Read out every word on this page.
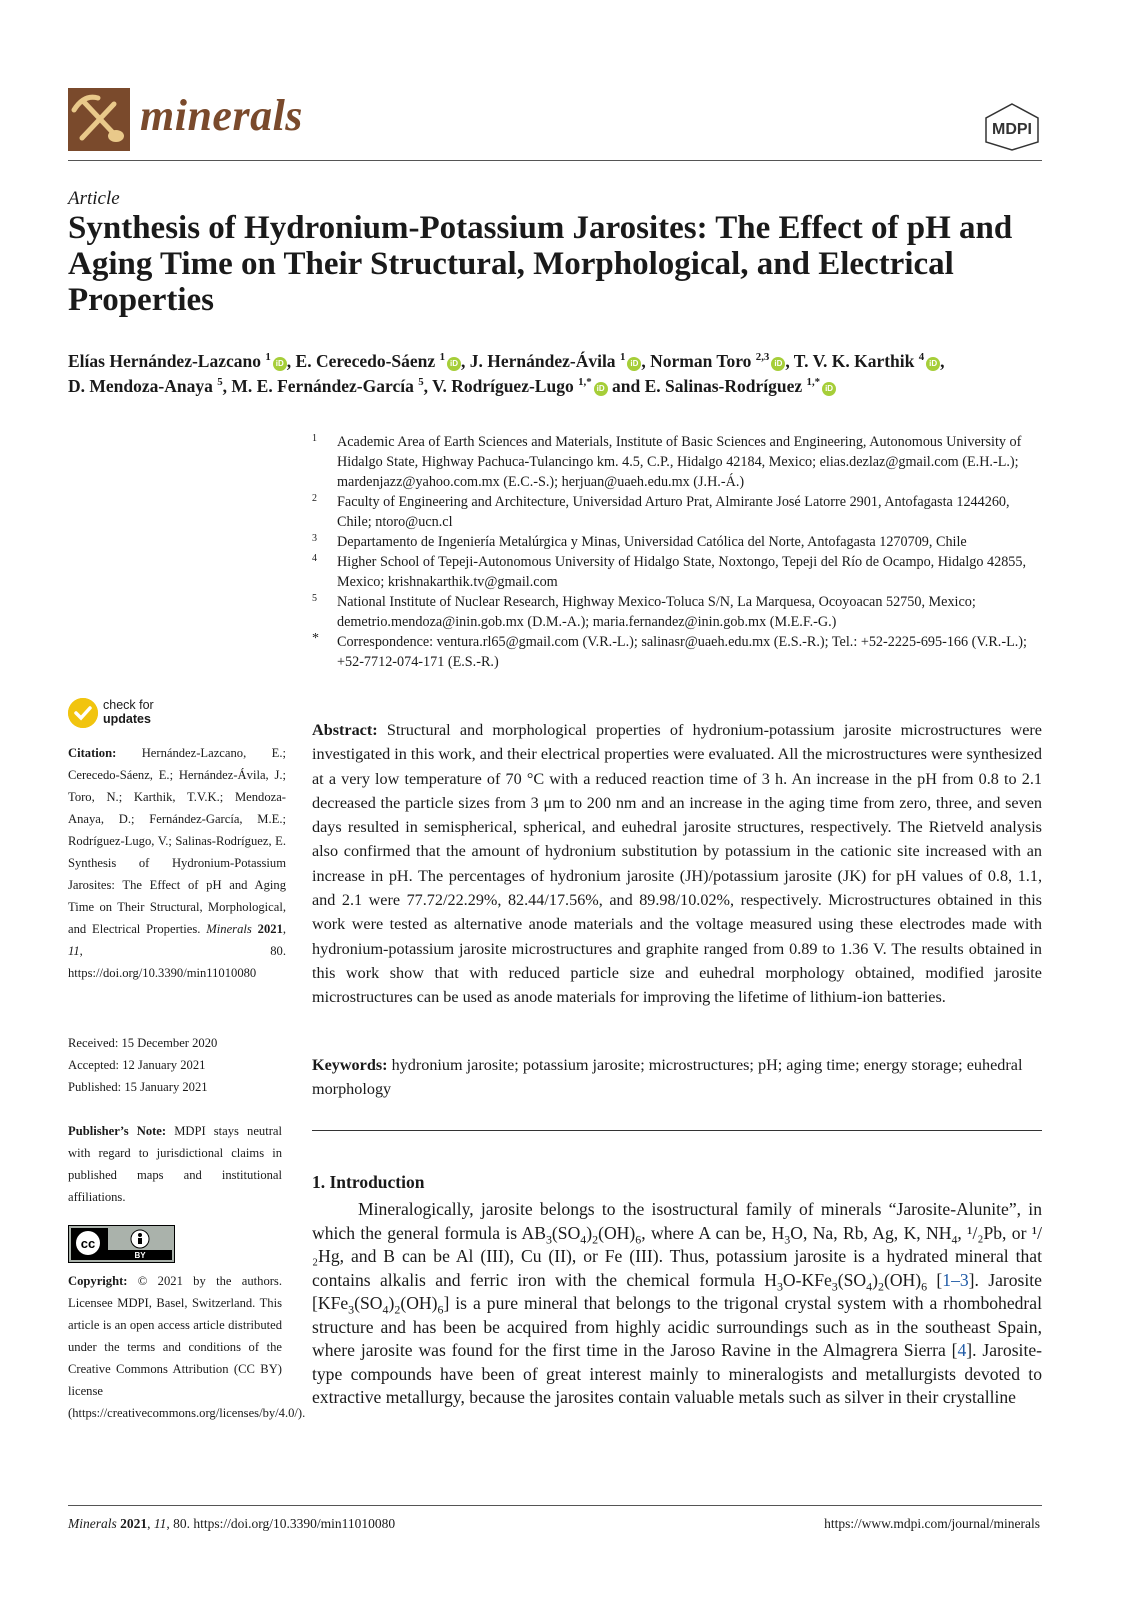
minerals	MDPI
Article
Synthesis of Hydronium-Potassium Jarosites: The Effect of pH and Aging Time on Their Structural, Morphological, and Electrical Properties
Elías Hernández-Lazcano $^1$iD , E. Cerecedo-Sáenz $^1$iD , J. Hernández-Ávila $^1$iD , Norman Toro $^{2,3}$iD , T. V. K. Karthik $^4$iD ,
D. Mendoza-Anaya $^5$, M. E. Fernández-García $^5$, V. Rodríguez-Lugo $^{1,*}$iD and E. Salinas-Rodríguez $^{1,*}$iD
1	Academic Area of Earth Sciences and Materials, Institute of Basic Sciences and Engineering, Autonomous University of Hidalgo State, Highway Pachuca-Tulancingo km. 4.5, C.P., Hidalgo 42184, Mexico; elias.dezlaz@gmail.com (E.H.-L.); mardenjazz@yahoo.com.mx (E.C.-S.); herjuan@uaeh.edu.mx (J.H.-Á.)
2	Faculty of Engineering and Architecture, Universidad Arturo Prat, Almirante José Latorre 2901, Antofagasta 1244260, Chile; ntoro@ucn.cl
3	Departamento de Ingeniería Metalúrgica y Minas, Universidad Católica del Norte, Antofagasta 1270709, Chile
4	Higher School of Tepeji-Autonomous University of Hidalgo State, Noxtongo, Tepeji del Río de Ocampo, Hidalgo 42855, Mexico; krishnakarthik.tv@gmail.com
5	National Institute of Nuclear Research, Highway Mexico-Toluca S/N, La Marquesa, Ocoyoacan 52750, Mexico; demetrio.mendoza@inin.gob.mx (D.M.-A.); maria.fernandez@inin.gob.mx (M.E.F.-G.)
*	Correspondence: ventura.rl65@gmail.com (V.R.-L.); salinasr@uaeh.edu.mx (E.S.-R.); Tel.: +52-2225-695-166 (V.R.-L.); +52-7712-074-171 (E.S.-R.)
check for
updates
Citation: Hernández-Lazcano, E.; Cerecedo-Sáenz, E.; Hernández-Ávila, J.; Toro, N.; Karthik, T.V.K.; Mendoza-Anaya, D.; Fernández-García, M.E.; Rodríguez-Lugo, V.; Salinas-Rodríguez, E. Synthesis of Hydronium-Potassium Jarosites: The Effect of pH and Aging Time on Their Structural, Morphological, and Electrical Properties. Minerals 2021, 11, 80. https://doi.org/10.3390/min11010080
Received: 15 December 2020
Accepted: 12 January 2021
Published: 15 January 2021
Publisher’s Note: MDPI stays neutral with regard to jurisdictional claims in published maps and institutional affiliations.
cc
BY
Copyright: © 2021 by the authors. Licensee MDPI, Basel, Switzerland. This article is an open access article distributed under the terms and conditions of the Creative Commons Attribution (CC BY) license (https://creativecommons.org/licenses/by/4.0/).
Abstract: Structural and morphological properties of hydronium-potassium jarosite microstructures were investigated in this work, and their electrical properties were evaluated. All the microstructures were synthesized at a very low temperature of 70 °C with a reduced reaction time of 3 h. An increase in the pH from 0.8 to 2.1 decreased the particle sizes from 3 μm to 200 nm and an increase in the aging time from zero, three, and seven days resulted in semispherical, spherical, and euhedral jarosite structures, respectively. The Rietveld analysis also confirmed that the amount of hydronium substitution by potassium in the cationic site increased with an increase in pH. The percentages of hydronium jarosite (JH)/potassium jarosite (JK) for pH values of 0.8, 1.1, and 2.1 were 77.72/22.29%, 82.44/17.56%, and 89.98/10.02%, respectively. Microstructures obtained in this work were tested as alternative anode materials and the voltage measured using these electrodes made with hydronium-potassium jarosite microstructures and graphite ranged from 0.89 to 1.36 V. The results obtained in this work show that with reduced particle size and euhedral morphology obtained, modified jarosite microstructures can be used as anode materials for improving the lifetime of lithium-ion batteries.
Keywords: hydronium jarosite; potassium jarosite; microstructures; pH; aging time; energy storage; euhedral morphology
1. Introduction
Mineralogically, jarosite belongs to the isostructural family of minerals “Jarosite-Alunite”, in which the general formula is $AB_3(SO_4)_2(OH)_6$, where A can be, $H_3O$, Na, Rb, Ag, K, $NH_4$, ¹/₂Pb, or ¹/₂Hg, and B can be Al (III), Cu (II), or Fe (III). Thus, potassium jarosite is a hydrated mineral that contains alkalis and ferric iron with the chemical formula $H_3O-KFe_3(SO_4)_2(OH)_6$ [1–3]. Jarosite $[KFe_3(SO_4)_2(OH)_6]$ is a pure mineral that belongs to the trigonal crystal system with a rhombohedral structure and has been be acquired from highly acidic surroundings such as in the southeast Spain, where jarosite was found for the first time in the Jaroso Ravine in the Almagrera Sierra [4]. Jarosite-type compounds have been of great interest mainly to mineralogists and metallurgists devoted to extractive metallurgy, because the jarosites contain valuable metals such as silver in their crystalline
Minerals 2021, 11, 80. https://doi.org/10.3390/min11010080	https://www.mdpi.com/journal/minerals
